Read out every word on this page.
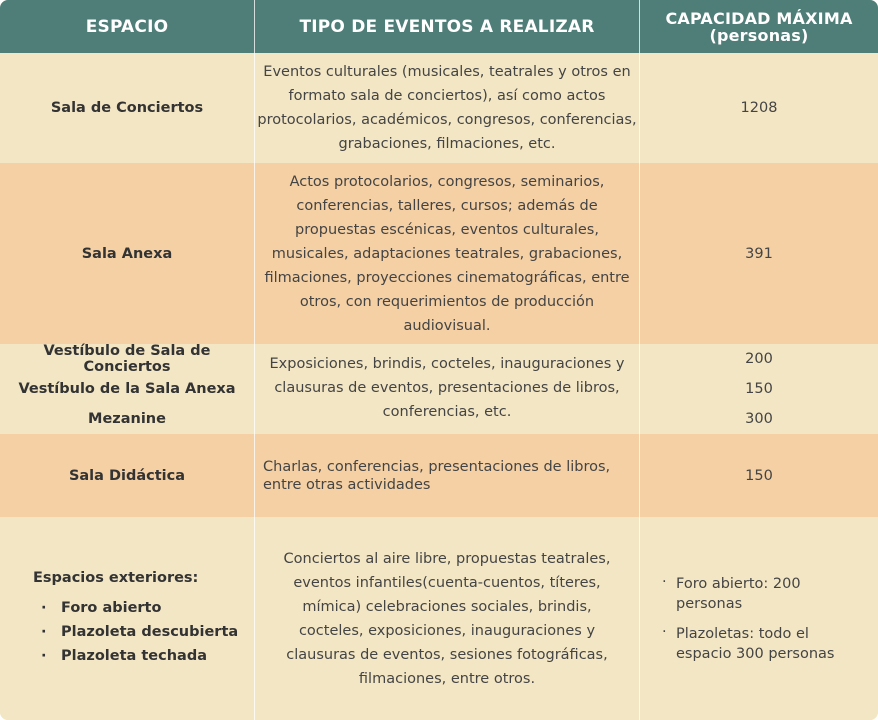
ESPACIO	TIPO DE EVENTOS A REALIZAR	CAPACIDAD MÁXIMA
(personas)
Sala de Conciertos
Eventos culturales (musicales, teatrales y otros en formato sala de conciertos), así como actos protocolarios, académicos, congresos, conferencias, grabaciones, filmaciones, etc.
1208
Sala Anexa
Actos protocolarios, congresos, seminarios, conferencias, talleres, cursos; además de propuestas escénicas, eventos culturales, musicales, adaptaciones teatrales, grabaciones, filmaciones, proyecciones cinematográficas, entre otros, con requerimientos de producción audiovisual.
391
Vestíbulo de Sala de Conciertos
Vestíbulo de la Sala Anexa
Mezanine
Exposiciones, brindis, cocteles, inauguraciones y clausuras de eventos, presentaciones de libros, conferencias, etc.
200
150
300
Sala Didáctica
Charlas, conferencias, presentaciones de libros, entre otras actividades
150
Espacios exteriores:
· Foro abierto
· Plazoleta descubierta
· Plazoleta techada
Conciertos al aire libre, propuestas teatrales, eventos infantiles(cuenta-cuentos, títeres, mímica) celebraciones sociales, brindis, cocteles, exposiciones, inauguraciones y clausuras de eventos, sesiones fotográficas, filmaciones, entre otros.
· Foro abierto: 200 personas
· Plazoletas: todo el espacio 300 personas
